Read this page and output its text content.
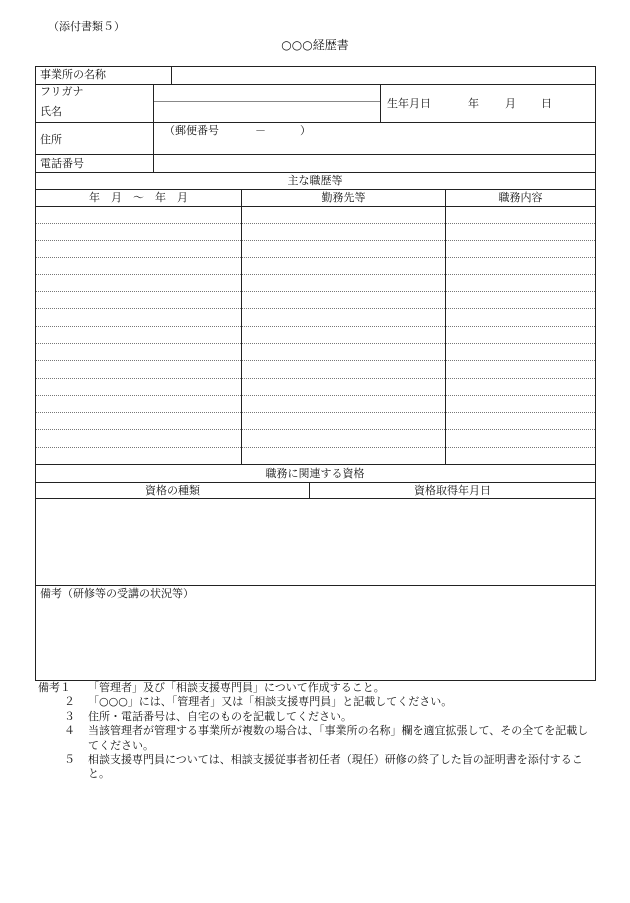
（添付書類５）
○○○経歴書
事業所の名称
フリガナ
氏名
生年月日	年 月 日
住所
（郵便番号	－	）
電話番号
主な職歴等
年　月　～　年　月	勤務先等	職務内容
職務に関連する資格
資格の種類	資格取得年月日
備考（研修等の受講の状況等）
備考１	「管理者」及び「相談支援専門員」について作成すること。
２	「○○○」には、「管理者」又は「相談支援専門員」と記載してください。
３	住所・電話番号は、自宅のものを記載してください。
４	当該管理者が管理する事業所が複数の場合は、「事業所の名称」欄を適宜拡張して、その全てを記載してください。
５	相談支援専門員については、相談支援従事者初任者（現任）研修の終了した旨の証明書を添付すること。
